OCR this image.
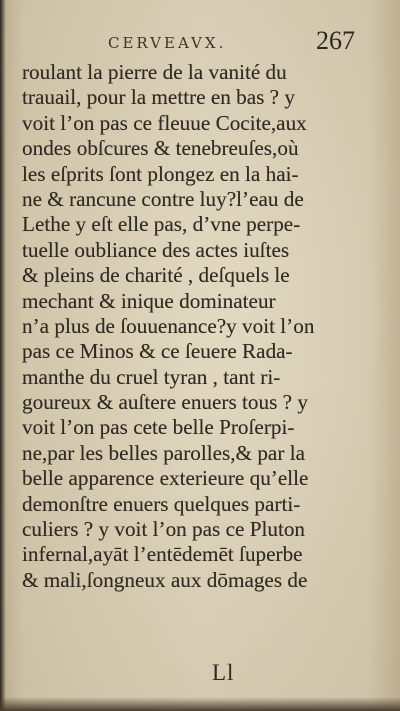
CERVEAVX.	267
roulant la pierre de la vanité du
trauail, pour la mettre en bas ? y
voit l’on pas ce fleuue Cocite,aux
ondes obſcures & tenebreuſes,où
les eſprits ſont plongez en la hai-
ne & rancune contre luy?l’eau de
Lethe y eſt elle pas, d’vne perpe-
tuelle oubliance des actes iuſtes
& pleins de charité , deſquels le
mechant & inique dominateur
n’a plus de ſouuenance?y voit l’on
pas ce Minos & ce ſeuere Rada-
manthe du cruel tyran , tant ri-
goureux & auſtere enuers tous ? y
voit l’on pas cete belle Proſerpi-
ne,par les belles parolles,& par la
belle apparence exterieure qu’elle
demonſtre enuers quelques parti-
culiers ? y voit l’on pas ce Pluton
infernal,ayāt l’entēdemēt ſuperbe
& mali,ſongneux aux dōmages de
Ll
